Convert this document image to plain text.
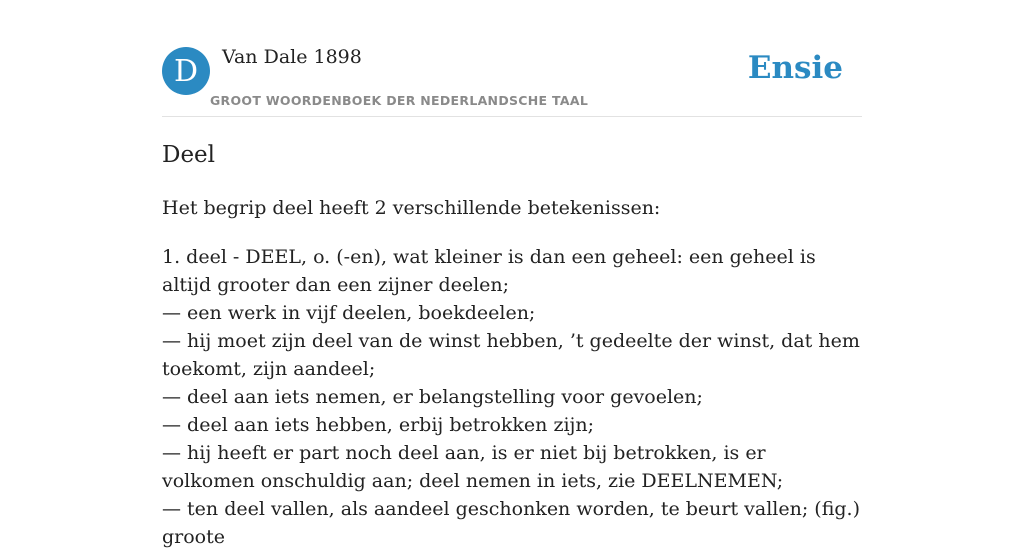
D	Van Dale 1898
GROOT WOORDENBOEK DER NEDERLANDSCHE TAAL
Ensie
Deel

Het begrip deel heeft 2 verschillende betekenissen:

1. deel - DEEL, o. (-en), wat kleiner is dan een geheel: een geheel is altijd grooter dan een zijner deelen;
— een werk in vijf deelen, boekdeelen;
— hij moet zijn deel van de winst hebben, ’t gedeelte der winst, dat hem toekomt, zijn aandeel;
— deel aan iets nemen, er belangstelling voor gevoelen;
— deel aan iets hebben, erbij betrokken zijn;
— hij heeft er part noch deel aan, is er niet bij betrokken, is er volkomen onschuldig aan; deel nemen in iets, zie DEELNEMEN;
— ten deel vallen, als aandeel geschonken worden, te beurt vallen; (fig.) groote
